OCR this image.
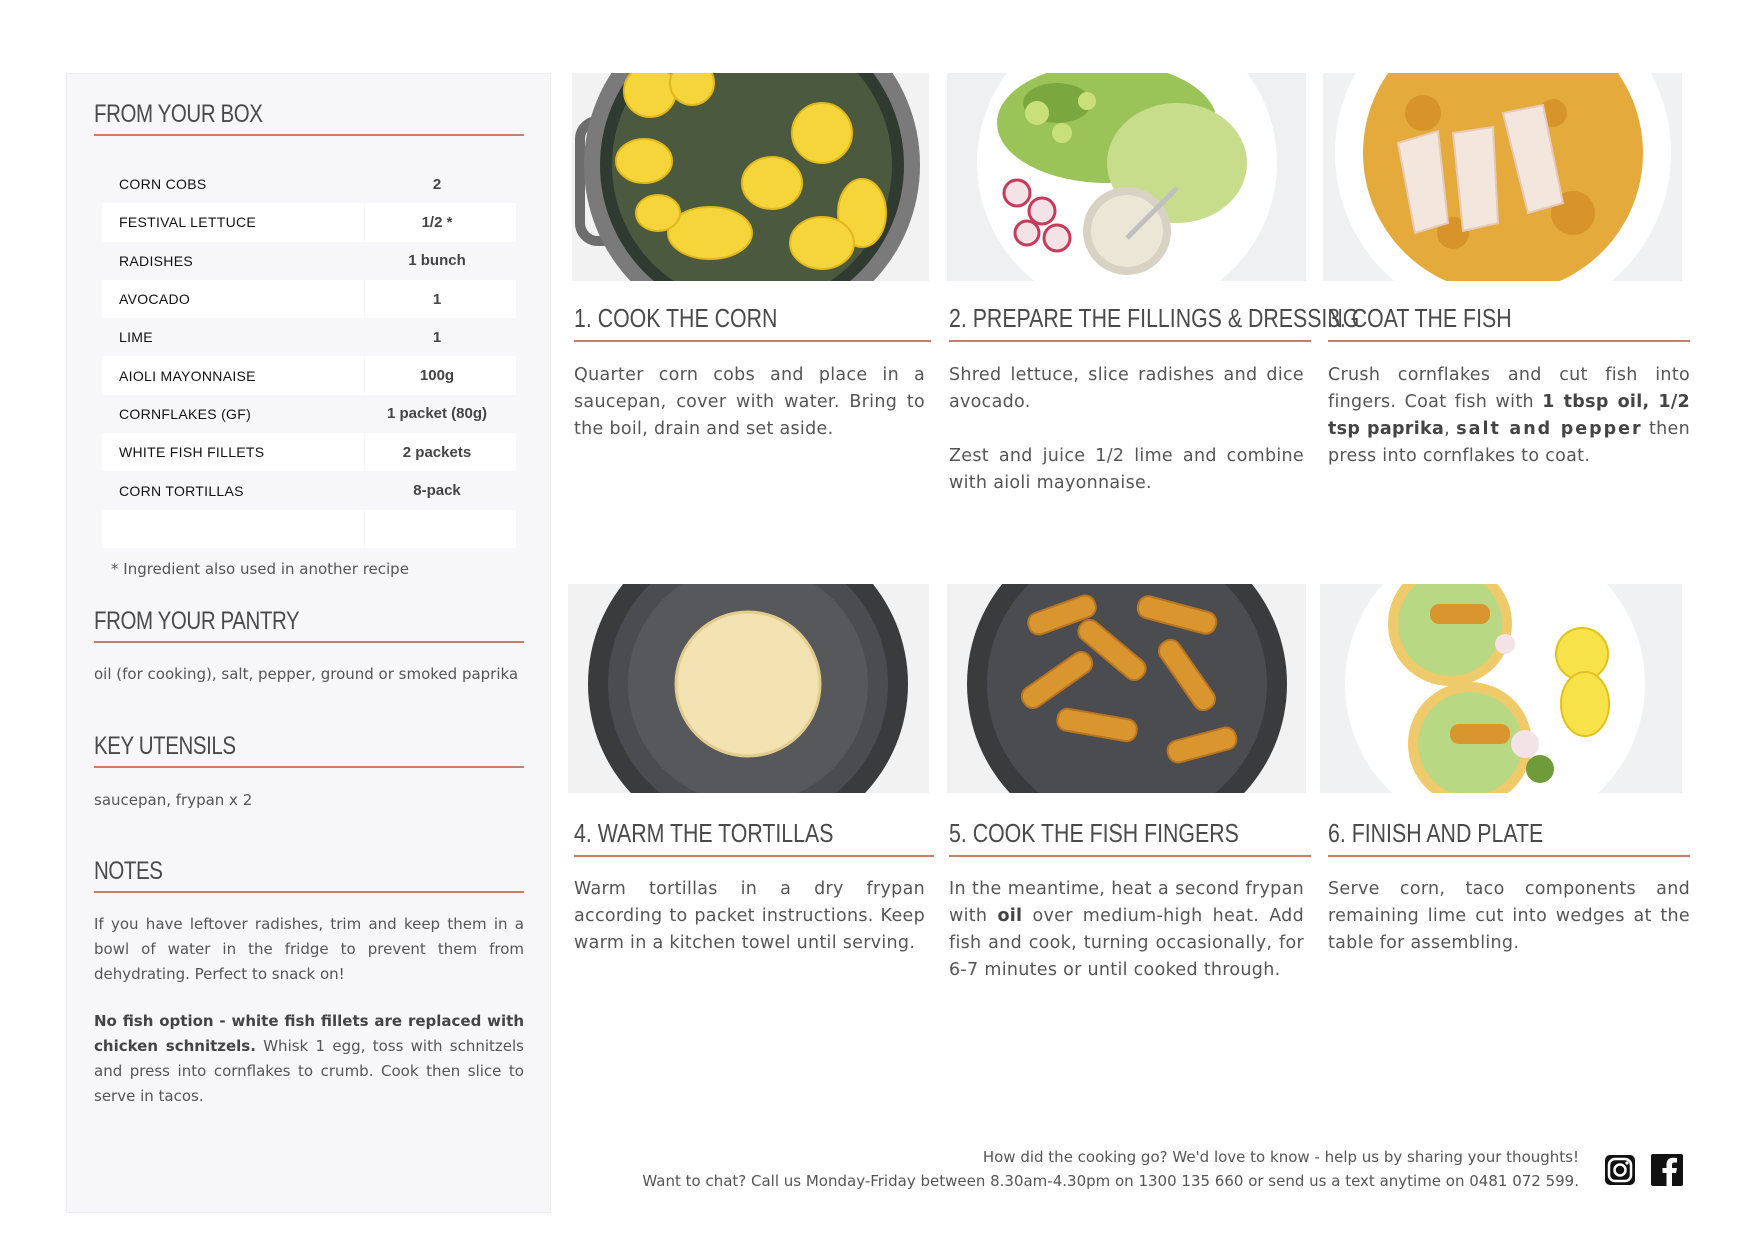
FROM YOUR BOX
CORN COBS	2
FESTIVAL LETTUCE	1/2 *
RADISHES	1 bunch
AVOCADO	1
LIME	1
AIOLI MAYONNAISE	100g
CORNFLAKES (GF)	1 packet (80g)
WHITE FISH FILLETS	2 packets
CORN TORTILLAS	8-pack
* Ingredient also used in another recipe
FROM YOUR PANTRY
oil (for cooking), salt, pepper, ground or smoked paprika
KEY UTENSILS
saucepan, frypan x 2
NOTES
If you have leftover radishes, trim and keep them in a bowl of water in the fridge to prevent them from dehydrating. Perfect to snack on!
No fish option - white fish fillets are replaced with chicken schnitzels. Whisk 1 egg, toss with schnitzels and press into cornflakes to crumb. Cook then slice to serve in tacos.
1. COOK THE CORN
Quarter corn cobs and place in a saucepan, cover with water. Bring to the boil, drain and set aside.
2. PREPARE THE FILLINGS & DRESSING
Shred lettuce, slice radishes and dice avocado.
Zest and juice 1/2 lime and combine with aioli mayonnaise.
3. COAT THE FISH
Crush cornflakes and cut fish into fingers. Coat fish with 1 tbsp oil, 1/2 tsp paprika, salt and pepper then press into cornflakes to coat.
4. WARM THE TORTILLAS
Warm tortillas in a dry frypan according to packet instructions. Keep warm in a kitchen towel until serving.
5. COOK THE FISH FINGERS
In the meantime, heat a second frypan with oil over medium-high heat. Add fish and cook, turning occasionally, for 6-7 minutes or until cooked through.
6. FINISH AND PLATE
Serve corn, taco components and remaining lime cut into wedges at the table for assembling.
How did the cooking go? We'd love to know - help us by sharing your thoughts!
Want to chat? Call us Monday-Friday between 8.30am-4.30pm on 1300 135 660 or send us a text anytime on 0481 072 599.
